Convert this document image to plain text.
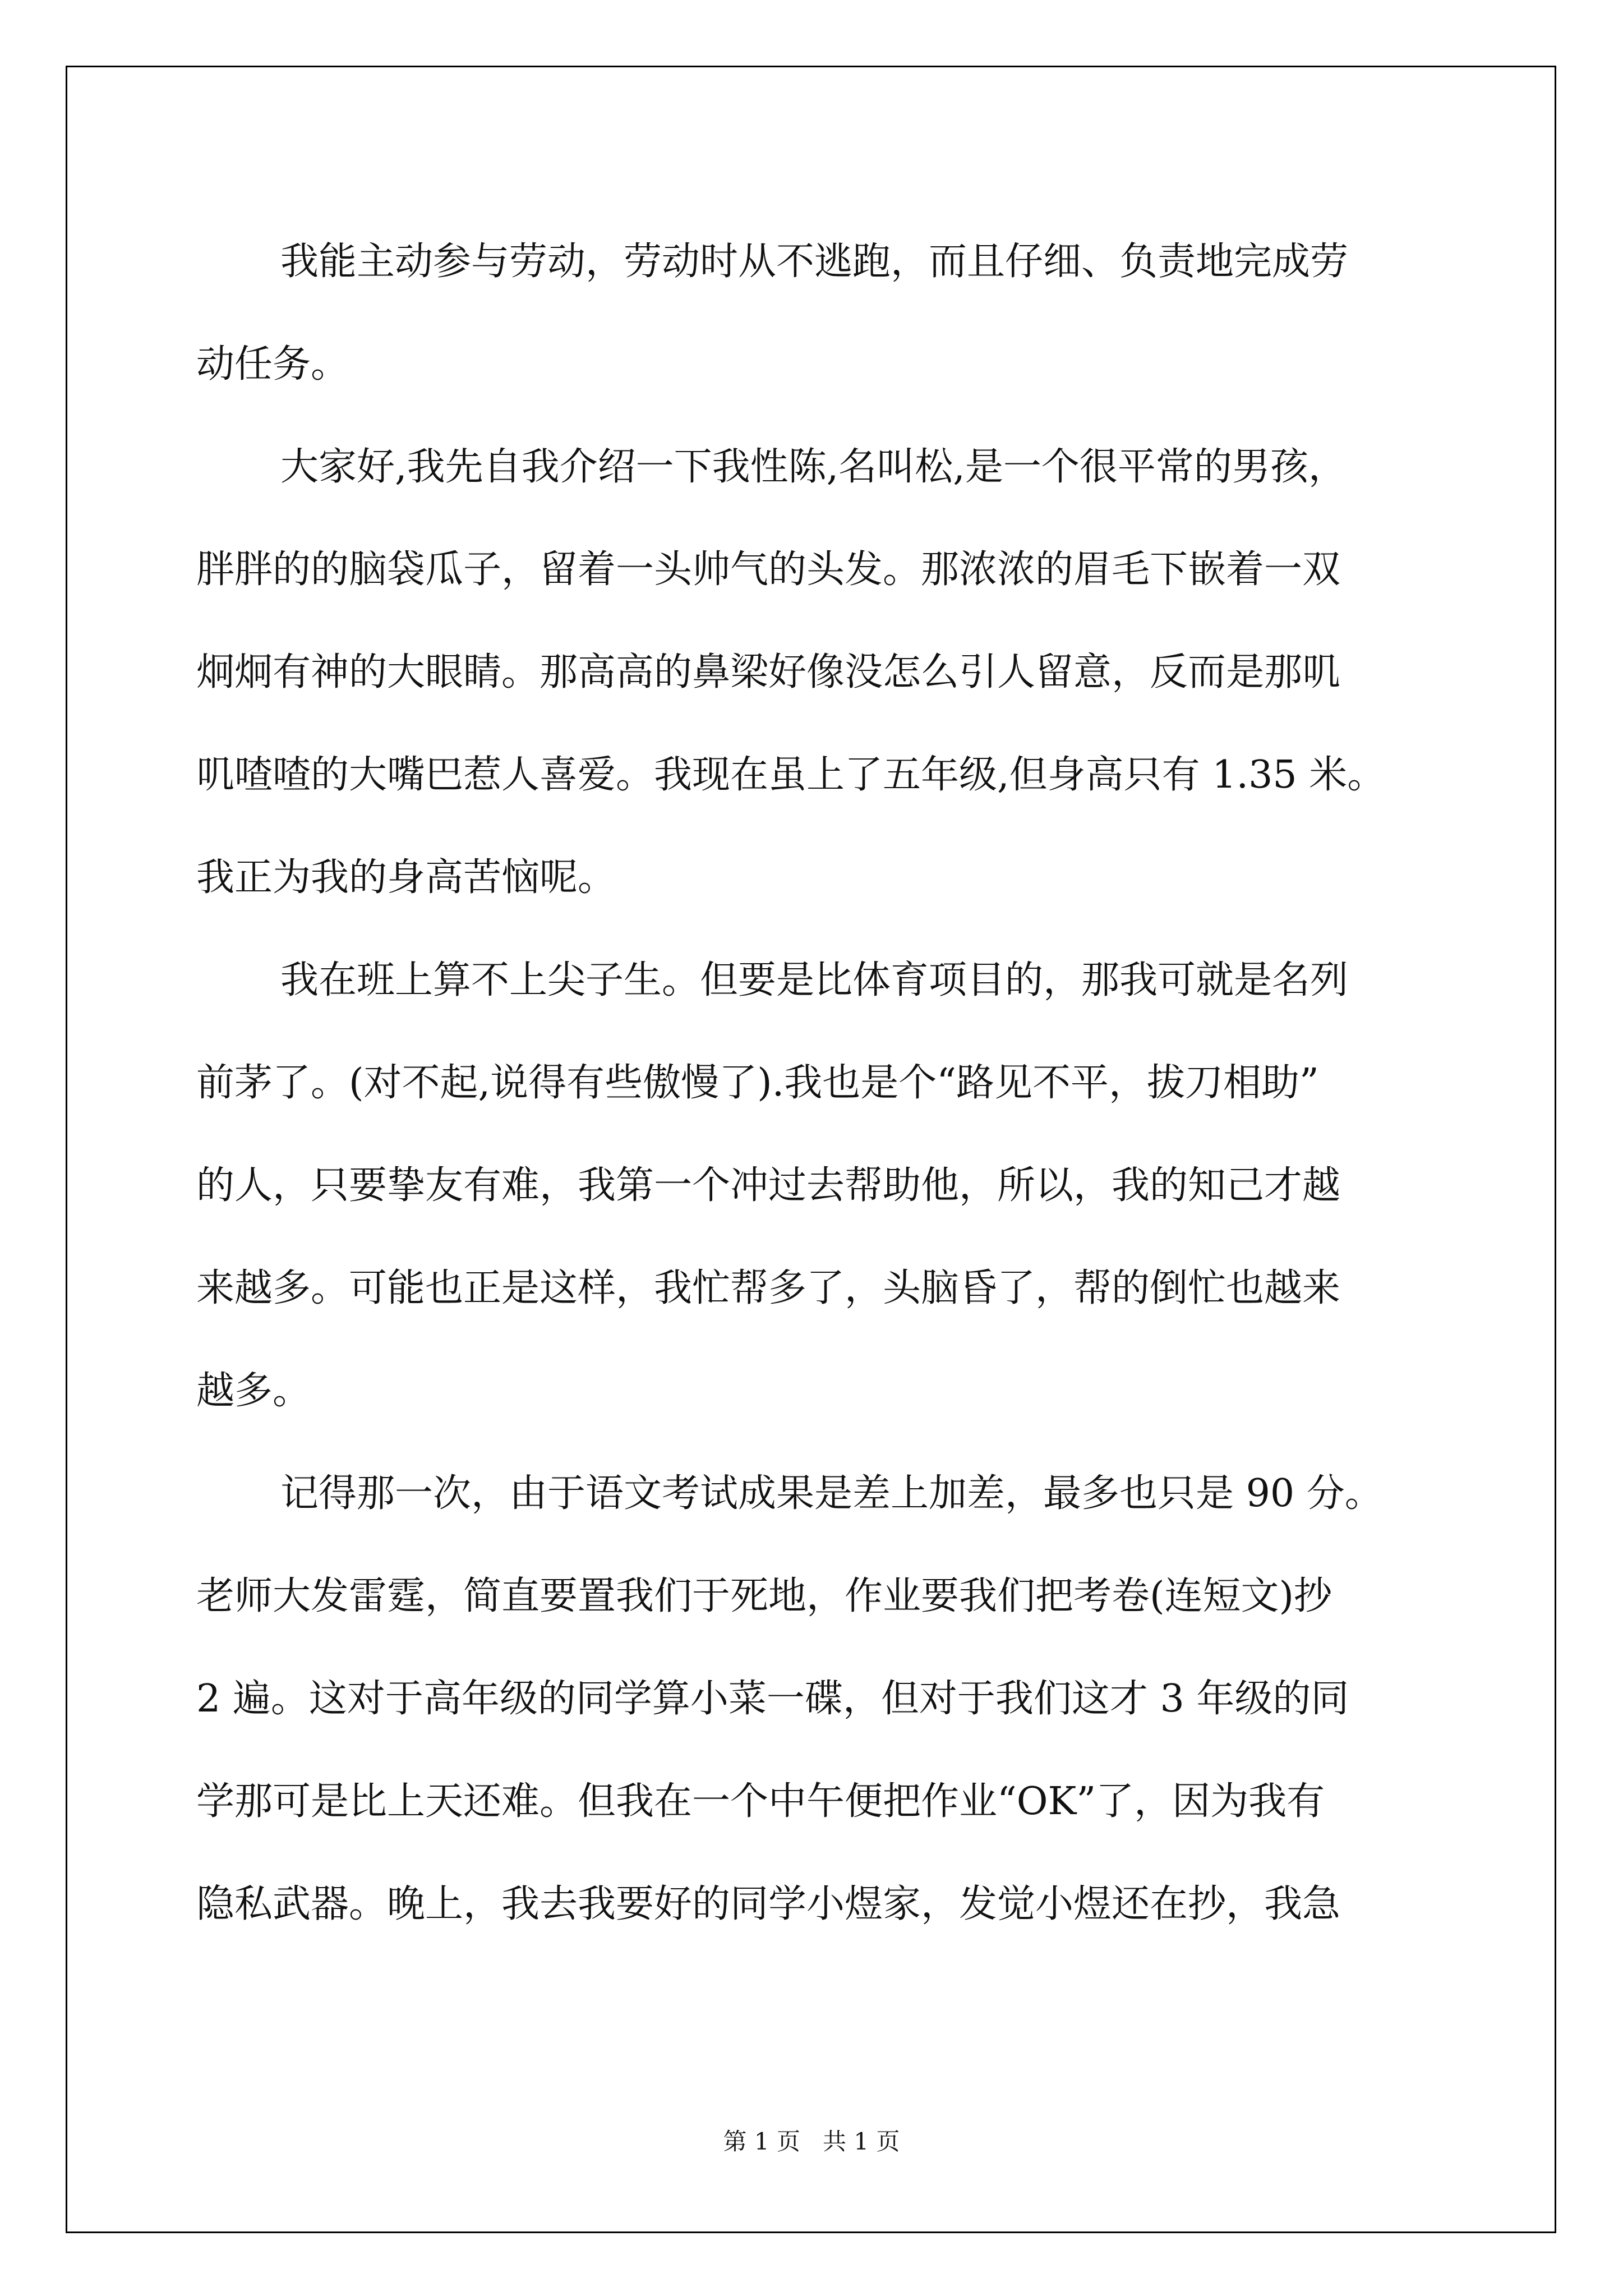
我能主动参与劳动，劳动时从不逃跑，而且仔细、负责地完成劳
动任务。
大家好,我先自我介绍一下我性陈,名叫松,是一个很平常的男孩，
胖胖的的脑袋瓜子，留着一头帅气的头发。那浓浓的眉毛下嵌着一双
炯炯有神的大眼睛。那高高的鼻梁好像没怎么引人留意，反而是那叽
叽喳喳的大嘴巴惹人喜爱。我现在虽上了五年级,但身高只有 1.35 米。
我正为我的身高苦恼呢。
我在班上算不上尖子生。但要是比体育项目的，那我可就是名列
前茅了。(对不起,说得有些傲慢了).我也是个“路见不平，拔刀相助”
的人，只要挚友有难，我第一个冲过去帮助他，所以，我的知己才越
来越多。可能也正是这样，我忙帮多了，头脑昏了，帮的倒忙也越来
越多。
记得那一次，由于语文考试成果是差上加差，最多也只是 90 分。
老师大发雷霆，简直要置我们于死地，作业要我们把考卷(连短文)抄
2 遍。这对于高年级的同学算小菜一碟，但对于我们这才 3 年级的同
学那可是比上天还难。但我在一个中午便把作业“OK”了，因为我有
隐私武器。晚上，我去我要好的同学小煜家，发觉小煜还在抄，我急
第 1 页   共 1 页
